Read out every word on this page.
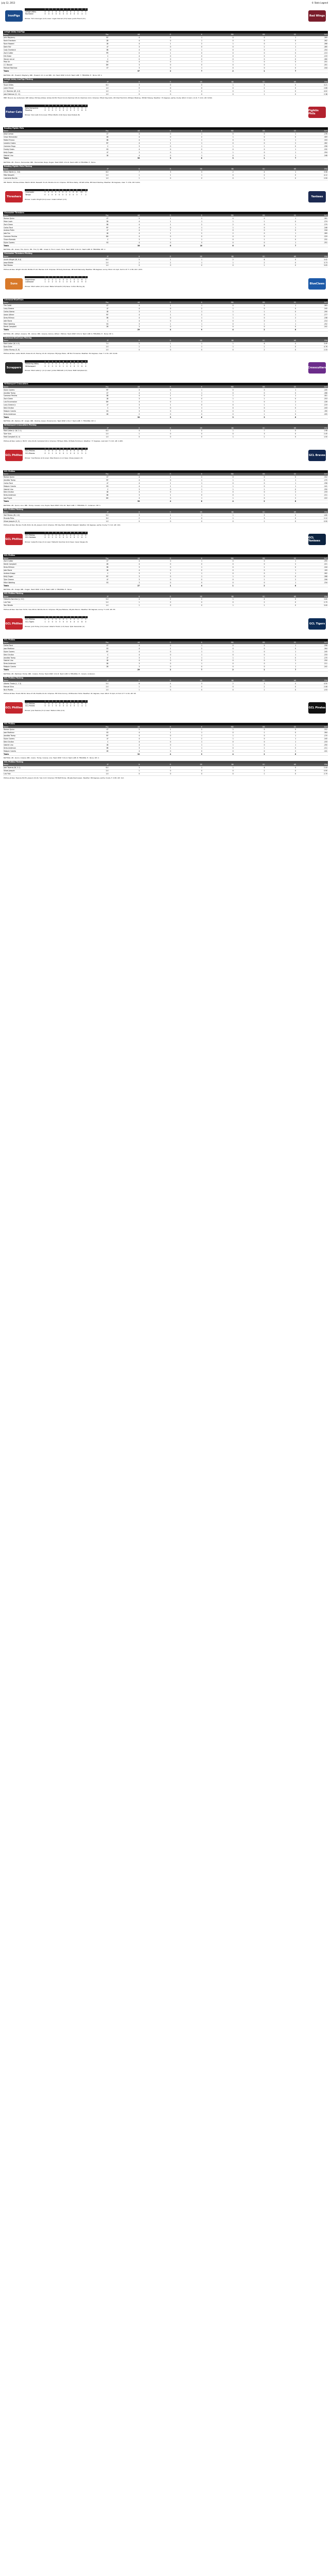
July 12, 2013	© Stats Legend
IronPigs	Red Wings
	1	2	3	4	5	6	7	8	9	R	H	E
Lehigh Valley	0	0	1	0	0	0	0	0	1	2	7	0
Rochester	0	0	0	0	0	0	0	0	0	0	4	1
Winner: Tom Cloninger (4-3) Loser: Logan Darnell (3-5) Save: Justin Friend (11)
Lehigh Valley IronPigs
Name	Pos	AB	R	H	RBI	BB	SO	AVG
John Mayberry	RF	4	0	1	0	0	1	.269
Kevin Frandsen	2B	4	0	1	0	0	0	.262
Ryan Howard	1B	4	1	2	1	0	1	.266
Darin Ruf	LF	3	0	0	0	1	1	.285
Cody Overbeck	3B	4	0	1	0	0	1	.254
Zach Collier	PR	0	1	0	0	0	0	.213
Erik Kratz	C	4	0	0	0	0	2	.219
Steven Lerud	C	0	0	0	0	0	0	.260
Pete Orr	SS	4	0	1	1	0	0	.251
J.C. Boscan	DH	3	0	0	0	0	1	.201
Michael Martinez	CF	3	0	1	0	0	0	.244
Totals		37	2	7	2	1	7	
BATTING: 2B - Howard, Mayberry. RBI - Howard, Orr. 2-out RBI - Orr. Team RISP: 2-for-8. Team LOB: 7. FIELDING: E - None. DP: 1.
Lehigh Valley IronPigs Pitching
Name	IP	H	R	ER	BB	SO	HR	ERA
Tyson Gillies	6.0	3	0	0	1	5	0	3.21
Justin Friend	1.0	0	0	0	0	2	0	2.66
J.C. Ramirez (W, 4-3)	1.0	1	0	0	0	1	0	4.02
Jake Diekman (S, 11)	1.0	0	0	0	0	1	0	2.38
HBP: Boscan (by Gutierrez). WP: Gillies. Pitches-strikes: Gillies 94-58, Friend 14-10, Ramirez 18-12, Diekman 12-9. Umpires: HP Jim Reynolds, 1B Chad Fairchild, 2B Ryan Blakney, 3B Pat Hoberg. Weather: 79 degrees, partly cloudy. Wind: 6 mph, L to R. T: 2:41. Att: 8,342.
Fisher Cats	Fightin Phils
	1	2	3	4	5	6	7	8	9	R	H	E
New Hampshire	1	0	0	2	0	0	1	0	0	4	9	1
Reading	0	0	0	1	0	0	0	0	2	3	8	0
Winner: Dan Lietz (5-4) Loser: Ethan Martin (3-6) Save: Kyle Drabek (8)
Reading Fightin Phils
Name	Pos	AB	R	H	RBI	BB	SO	AVG
Jesse Lemon	CF	4	0	1	0	0	1	.278
Cesar Hernandez	2B	4	0	2	1	0	0	.309
Maikel Franco	3B	4	1	1	0	0	1	.333
Leandro Castro	RF	4	1	1	0	0	2	.262
Cameron Rupp	C	3	0	1	1	1	0	.256
Freddy Galvis	SS	4	0	0	0	0	1	.232
Kelly Dugan	LF	3	0	1	1	0	1	.294
Gabriel Lino	1B	4	0	1	0	0	1	.248
Totals		30	3	8	3	1	7	
BATTING: 2B - Franco, Hernandez. RBI - Hernandez, Rupp, Dugan. Team RISP: 2-for-6. Team LOB: 6. FIELDING: E - None.
Reading Fightin Phils Pitching
Name	IP	H	R	ER	BB	SO	HR	ERA
Ethan Martin (L, 3-6)	6.0	7	3	3	2	4	1	3.56
Mike Nesseth	2.0	1	1	1	0	2	0	4.12
Lisalverto Bonilla	1.0	1	0	0	0	1	0	2.90
WP: Martin. Pitches-strikes: Martin 98-62, Nesseth 31-20, Bonilla 14-10. Umpires: HP Brian Reilly, 1B Will Little, 3B David Rackley. Weather: 84 degrees, clear. T: 2:54. Att: 6,911.
Threshers	Yankees
	1	2	3	4	5	6	7	8	9	R	H	E
Clearwater	2	0	0	0	3	0	0	1	0	6	10	0
Tampa	0	1	0	0	0	0	2	0	0	3	7	2
Winner: Austin Wright (6-4) Loser: Caleb Cotham (2-5)
Clearwater Threshers
Name	Pos	AB	R	H	RBI	BB	SO	AVG
Roman Quinn	CF	5	1	2	0	0	1	.261
Peter Lavin	2B	4	1	1	1	1	0	.274
Zach Green	3B	4	1	2	2	0	1	.275
Carlos Tocci	RF	4	0	1	1	0	1	.246
Andrew Pullin	LF	4	1	1	0	0	0	.316
Jake Fox	1B	4	1	2	2	0	1	.289
Cameron Perkins	DH	4	0	0	0	0	2	.229
Chace Numata	C	3	1	1	0	1	0	.231
Dylan Cozens	SS	4	0	0	0	0	1	.251
Totals		36	6	10	6	2	7	
BATTING: 2B - Green, Fox, Quinn. HR - Fox (7). RBI - Green 2, Fox 2, Lavin, Tocci. Team RISP: 4-for-11. Team LOB: 8. FIELDING: DP: 2.
Clearwater Threshers Pitching
Name	IP	H	R	ER	BB	SO	HR	ERA
Austin Wright (W, 6-4)	6.0	5	1	1	2	6	0	3.42
Jesse Biddle	2.0	2	2	1	1	2	0	3.73
Yoel Mecias	1.0	0	0	0	0	1	0	3.05
Pitches-strikes: Wright 101-64, Biddle 37-22, Mecias 11-8. Umpires: HP Andy Dudones, 1B Scott Kennedy. Weather: 88 degrees, sunny. Wind: 12 mph, Out to CF. T: 2:38. Att: 1,870.
Suns	BlueClaws
	1	2	3	4	5	6	7	8	9	R	H	E
Hagerstown	0	0	0	1	0	0	0	1	0	2	6	1
Lakewood	1	0	2	0	0	1	0	0	X	4	9	0
Winner: Mark Leiter (4-5) Loser: Blake Schwartz (3-8) Save: Colton Murray (6)
Lakewood BlueClaws
Name	Pos	AB	R	H	RBI	BB	SO	AVG
Tim Cahill	CF	4	1	1	0	0	1	.263
Larry Greene	LF	4	0	2	1	0	0	.245
Carlos Alonso	1B	3	1	1	1	1	0	.290
Aaron Altherr	RF	4	1	2	1	0	1	.277
Drew Hillman	3B	4	0	1	1	0	2	.238
Jake Stone	C	4	0	0	0	0	1	.214
Mitch Walding	SS	3	1	1	0	1	1	.252
Derek Campbell	2B	3	0	1	0	0	0	.241
Totals		29	4	9	4	2	6	
BATTING: 2B - Altherr, Greene. 3B - Alonso. RBI - Greene, Alonso, Altherr, Hillman. Team RISP: 3-for-9. Team LOB: 6. FIELDING: E - None. DP: 1.
Lakewood BlueClaws Pitching
Name	IP	H	R	ER	BB	SO	HR	ERA
Mark Leiter (W, 4-5)	7.0	5	1	1	1	6	0	3.49
Ryan Duke	1.0	1	1	1	1	1	0	4.76
Colton Murray (S, 6)	1.0	0	0	0	0	2	0	2.33
Pitches-strikes: Leiter 96-63, Duke 22-13, Murray 13-10. Umpires: HP Jorge Teran, 1B Tom Fornarola. Weather: 81 degrees, clear. T: 2:31. Att: 6,102.
Scrappers	Crosscutters
	1	2	3	4	5	6	7	8	9	R	H	E
Mahoning Valley	0	0	0	0	1	0	0	0	0	1	5	2
Williamsport	0	2	0	0	0	1	0	0	X	3	6	0
Winner: Mark Leiter Jr. (2-1) Loser: Jordan Milbrath (1-3) Save: Matt Campbell (4)
Williamsport Crosscutters
Name	Pos	AB	R	H	RBI	BB	SO	AVG
Dylan Cozens	RF	4	0	1	0	0	1	.245
Jiandido Tromp	CF	4	1	1	0	0	0	.268
Cameron Perkins	3B	4	1	2	1	0	1	.301
Zach Green	1B	3	0	0	1	1	0	.253
Luis Encarnacion	DH	4	0	1	1	0	2	.228
Larry Greene Jr.	LF	3	1	0	0	1	1	.219
Deivi Grullon	C	3	0	1	0	0	0	.243
Malquin Canelo	SS	3	0	0	0	0	1	.190
Drew Anderson	2B	2	0	0	0	1	0	.205
Totals		30	3	6	3	3	6	
BATTING: 2B - Perkins. SF - Green. RBI - Perkins, Green, Encarnacion. Team RISP: 2-for-7. Team LOB: 7. FIELDING: DP: 2.
Williamsport Crosscutters Pitching
Name	IP	H	R	ER	BB	SO	HR	ERA
Mark Leiter Jr. (W, 2-1)	6.0	4	1	0	1	7	0	1.98
Tyler Viza	2.0	1	0	0	0	3	0	2.45
Matt Campbell (S, 4)	1.0	0	0	0	1	1	0	1.50
Pitches-strikes: Leiter Jr. 88-57, Viza 26-18, Campbell 16-9. Umpires: HP Ryan Wills, 1B Nate Tomlinson. Weather: 77 degrees, overcast. T: 2:22. Att: 2,465.
GCL Phillies	GCL Braves
	1	2	3	4	5	6	7	8	9	R	H	E
GCL Phillies	1	0	0	2	0	1	0	0	0	4	8	1
GCL Braves	0	0	1	0	0	0	1	0	0	2	5	2
Winner: Yoel Mecias (2-0) Loser: Wes Parsons (1-2) Save: Ulises Joaquin (3)
GCL Phillies
Name	Pos	AB	R	H	RBI	BB	SO	AVG
Roman Quinn	CF	4	1	2	0	0	0	.312
Jiandido Tromp	RF	4	0	1	1	0	1	.270
Carlos Tocci	LF	4	1	1	0	0	1	.258
Malquin Canelo	SS	4	1	1	1	0	1	.241
Gabriel Lino	C	3	0	1	1	1	0	.250
Deivi Grullon	1B	4	0	1	0	0	2	.233
Drew Anderson	3B	3	1	0	0	1	1	.211
Jose Pujols	DH	4	0	1	1	0	2	.222
Totals		30	4	8	4	2	8	
BATTING: 2B - Quinn, Lino. RBI - Tromp, Canelo, Lino, Pujols. Team RISP: 3-for-10. Team LOB: 7. FIELDING: E - Anderson. DP: 1.
GCL Phillies Pitching
Name	IP	H	R	ER	BB	SO	HR	ERA
Yoel Mecias (W, 2-0)	5.0	3	1	1	1	5	0	1.80
Ricardo Pinto	3.0	2	1	0	1	3	0	2.12
Ulises Joaquin (S, 3)	1.0	0	0	0	0	1	0	0.90
Pitches-strikes: Mecias 74-48, Pinto 41-26, Joaquin 12-8. Umpires: HP Clay Park, 1B Mark Stewart. Weather: 90 degrees, partly cloudy. T: 2:12. Att: 104.
GCL Phillies	GCL Yankees
	1	2	3	4	5	6	7	8	9	R	H	E
GCL Phillies	0	0	0	0	0	0	1	0	0	1	4	0
GCL Yankees	0	0	2	0	0	0	0	0	X	2	6	1
Winner: Gabe Encinas (3-1) Loser: Feliberto Sanchez (0-2) Save: Cesar Vargas (5)
GCL Phillies
Name	Pos	AB	R	H	RBI	BB	SO	AVG
Zach Collier	CF	4	0	1	0	0	1	.255
Derek Campbell	2B	4	0	0	0	0	2	.221
Drew Hillman	3B	3	0	1	0	1	0	.244
Jake Stone	1B	4	0	0	0	0	1	.199
Andrew Knapp	C	3	1	1	0	0	1	.262
Kelly Dugan	RF	3	0	1	1	0	0	.288
Tyler Greene	LF	3	0	0	0	1	2	.206
Mitch Walding	SS	3	0	0	0	0	1	.234
Totals		27	1	4	1	2	8	
BATTING: 2B - Knapp. RBI - Dugan. Team RISP: 1-for-5. Team LOB: 5. FIELDING: E - None.
GCL Phillies Pitching
Name	IP	H	R	ER	BB	SO	HR	ERA
Feliberto Sanchez (L, 0-2)	5.0	4	2	2	1	4	0	3.60
Luis Ysla	2.0	1	0	0	0	2	0	2.70
Tom Windle	1.0	1	0	0	1	1	0	3.00
Pitches-strikes: Sanchez 79-50, Ysla 28-19, Windle 19-11. Umpires: HP Jose Esteras, 1B John Bacon. Weather: 89 degrees, sunny. T: 2:05. Att: 87.
GCL Phillies	GCL Tigers
	1	2	3	4	5	6	7	8	9	R	H	E
GCL Phillies	0	1	0	0	0	0	1	0	0	2	7	2
GCL Tigers	1	0	0	0	3	0	0	0	X	4	8	0
Winner: Josh Turley (3-2) Loser: Alberto Tirado (1-3) Save: Tyler Alexander (2)
GCL Phillies
Name	Pos	AB	R	H	RBI	BB	SO	AVG
Carlos Tocci	CF	4	0	1	0	0	1	.258
Jose Martinez	SS	4	1	2	0	0	0	.264
Dylan Cozens	RF	4	0	1	1	0	1	.245
Deivi Grullon	C	4	0	1	0	0	1	.233
Jiandido Tromp	LF	3	1	1	1	1	0	.270
Gabriel Lino	1B	4	0	0	0	0	2	.250
Drew Anderson	3B	3	0	1	0	0	1	.211
Malquin Canelo	2B	3	0	0	0	0	1	.241
Totals		29	2	7	2	1	7	
BATTING: 2B - Martinez, Tromp. RBI - Cozens, Tromp. Team RISP: 2-for-8. Team LOB: 6. FIELDING: E - Canelo, Anderson.
GCL Phillies Pitching
Name	IP	H	R	ER	BB	SO	HR	ERA
Alberto Tirado (L, 1-3)	5.0	6	4	3	2	3	0	4.50
Manuel Silva	2.0	1	0	0	0	2	0	2.08
Nick Pivetta	1.0	1	0	0	0	1	0	1.93
Pitches-strikes: Tirado 86-52, Silva 27-18, Pivetta 14-10. Umpires: HP Chris Conroy, 1B Brandon Hicks. Weather: 91 degrees, clear. Wind: 8 mph, In from LF. T: 2:19. Att: 95.
GCL Phillies	GCL Pirates
	1	2	3	4	5	6	7	8	9	R	H	E
GCL Phillies	2	0	0	1	0	0	0	1	0	4	9	0
GCL Pirates	0	0	1	0	0	0	0	0	0	1	4	1
Winner: Jose Taveras (3-1) Loser: Stetson Allie (2-4)
GCL Phillies
Name	Pos	AB	R	H	RBI	BB	SO	AVG
Roman Quinn	CF	5	1	2	1	0	0	.312
Jose Martinez	SS	4	1	1	0	1	0	.264
Jiandido Tromp	RF	4	0	1	1	0	1	.270
Dylan Cozens	LF	4	1	2	1	0	1	.245
Deivi Grullon	C	4	0	1	0	0	1	.233
Gabriel Lino	1B	4	0	1	1	0	1	.250
Drew Anderson	3B	3	1	1	0	1	0	.211
Malquin Canelo	2B	4	0	0	0	0	2	.241
Totals		32	4	9	4	2	6	
BATTING: 2B - Quinn, Cozens. RBI - Quinn, Tromp, Cozens, Lino. Team RISP: 3-for-9. Team LOB: 8. FIELDING: E - None. DP: 2.
GCL Phillies Pitching
Name	IP	H	R	ER	BB	SO	HR	ERA
Jose Taveras (W, 3-1)	6.0	3	1	1	1	6	0	2.44
Ulises Joaquin	2.0	1	0	0	0	2	0	0.90
Luis Ysla	1.0	0	0	0	0	1	0	2.70
Pitches-strikes: Taveras 84-55, Joaquin 24-16, Ysla 11-8. Umpires: HP Matt Morse, 1B Jake Rasmussen. Weather: 88 degrees, partly cloudy. T: 2:08. Att: 112.
